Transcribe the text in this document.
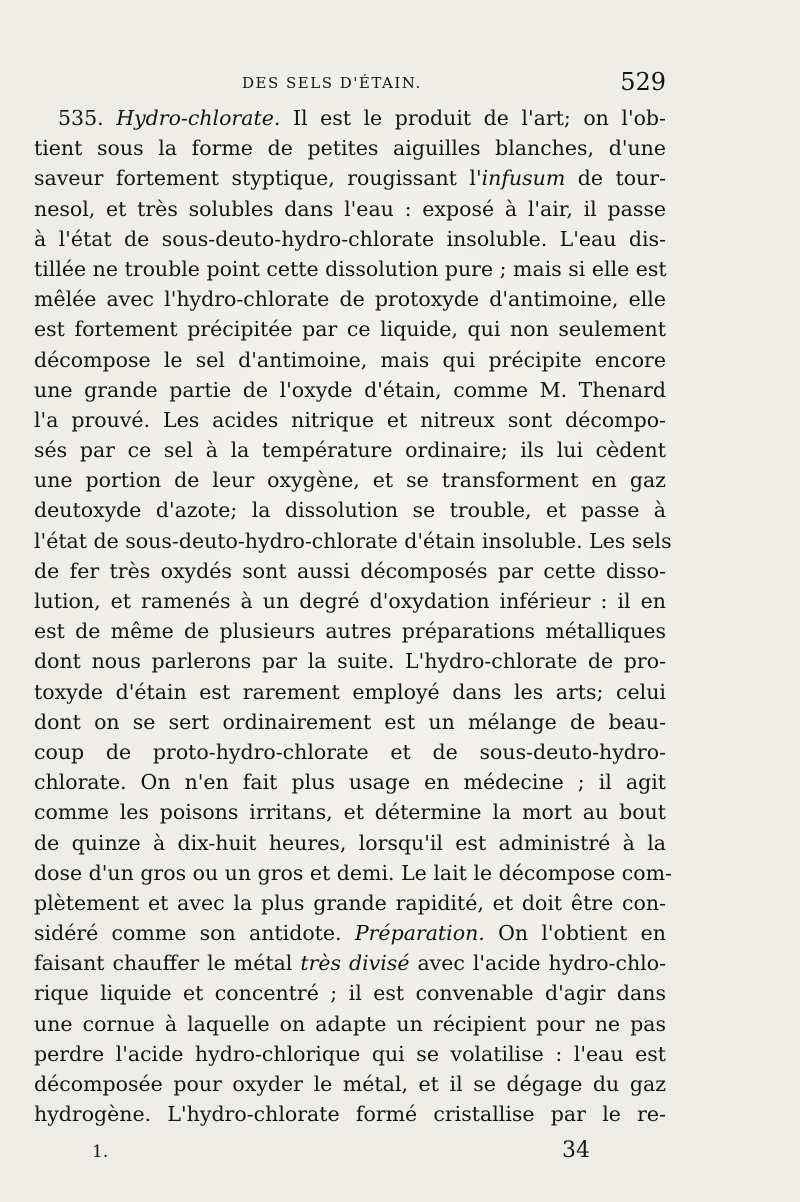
DES SELS D'ÉTAIN.	529
535. Hydro-chlorate. Il est le produit de l'art; on l'ob-
tient sous la forme de petites aiguilles blanches, d'une
saveur fortement styptique, rougissant l'infusum de tour-
nesol, et très solubles dans l'eau : exposé à l'air, il passe
à l'état de sous-deuto-hydro-chlorate insoluble. L'eau dis-
tillée ne trouble point cette dissolution pure ; mais si elle est
mêlée avec l'hydro-chlorate de protoxyde d'antimoine, elle
est fortement précipitée par ce liquide, qui non seulement
décompose le sel d'antimoine, mais qui précipite encore
une grande partie de l'oxyde d'étain, comme M. Thenard
l'a prouvé. Les acides nitrique et nitreux sont décompo-
sés par ce sel à la température ordinaire; ils lui cèdent
une portion de leur oxygène, et se transforment en gaz
deutoxyde d'azote; la dissolution se trouble, et passe à
l'état de sous-deuto-hydro-chlorate d'étain insoluble. Les sels
de fer très oxydés sont aussi décomposés par cette disso-
lution, et ramenés à un degré d'oxydation inférieur : il en
est de même de plusieurs autres préparations métalliques
dont nous parlerons par la suite. L'hydro-chlorate de pro-
toxyde d'étain est rarement employé dans les arts; celui
dont on se sert ordinairement est un mélange de beau-
coup de proto-hydro-chlorate et de sous-deuto-hydro-
chlorate. On n'en fait plus usage en médecine ; il agit
comme les poisons irritans, et détermine la mort au bout
de quinze à dix-huit heures, lorsqu'il est administré à la
dose d'un gros ou un gros et demi. Le lait le décompose com-
plètement et avec la plus grande rapidité, et doit être con-
sidéré comme son antidote. Préparation. On l'obtient en
faisant chauffer le métal très divisé avec l'acide hydro-chlo-
rique liquide et concentré ; il est convenable d'agir dans
une cornue à laquelle on adapte un récipient pour ne pas
perdre l'acide hydro-chlorique qui se volatilise : l'eau est
décomposée pour oxyder le métal, et il se dégage du gaz
hydrogène. L'hydro-chlorate formé cristallise par le re-
1.	34
